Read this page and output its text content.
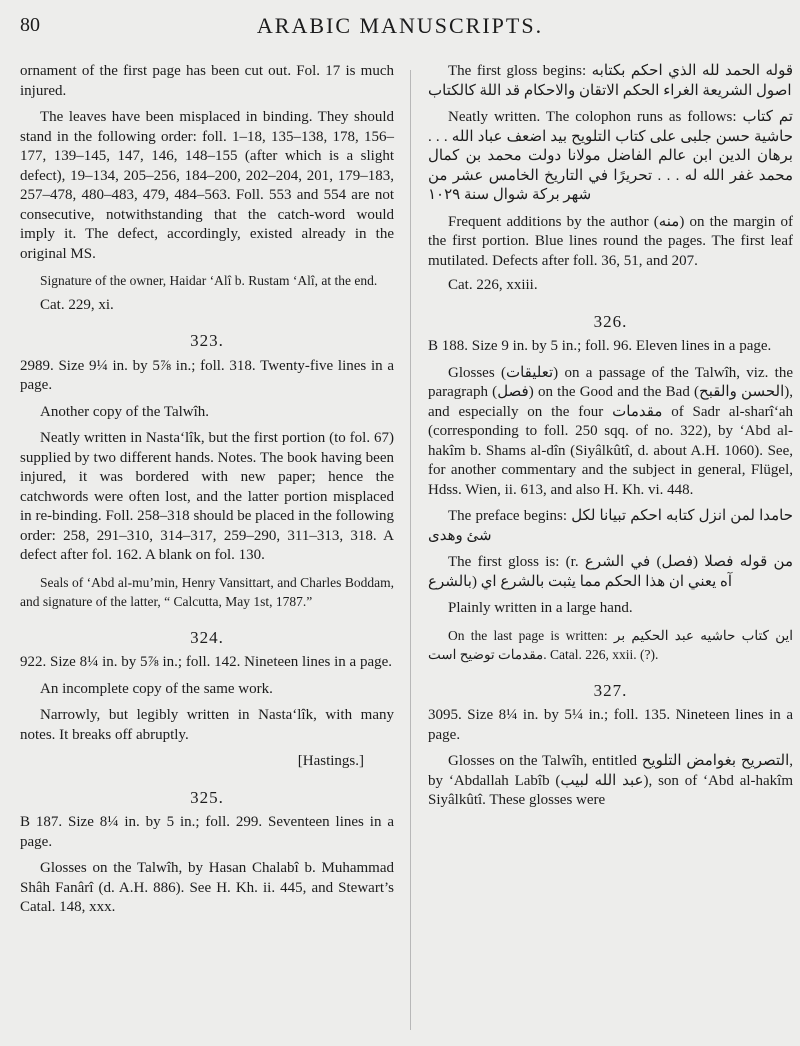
80	ARABIC MANUSCRIPTS.

ornament of the first page has been cut out. Fol. 17 is much injured.

The leaves have been misplaced in binding. They should stand in the following order: foll. 1–18, 135–138, 178, 156–177, 139–145, 147, 146, 148–155 (after which is a slight defect), 19–134, 205–256, 184–200, 202–204, 201, 179–183, 257–478, 480–483, 479, 484–563. Foll. 553 and 554 are not consecutive, notwithstanding that the catch-word would imply it. The defect, accordingly, existed already in the original MS.

Signature of the owner, Haidar ‘Alî b. Rustam ‘Alî, at the end.

Cat. 229, xi.

323.

2989. Size 9¼ in. by 5⅞ in.; foll. 318. Twenty-five lines in a page.

Another copy of the Talwîh.

Neatly written in Nasta‘lîk, but the first portion (to fol. 67) supplied by two different hands. Notes. The book having been injured, it was bordered with new paper; hence the catchwords were often lost, and the latter portion misplaced in re-binding. Foll. 258–318 should be placed in the following order: 258, 291–310, 314–317, 259–290, 311–313, 318. A defect after fol. 162. A blank on fol. 130.

Seals of ‘Abd al-mu’min, Henry Vansittart, and Charles Boddam, and signature of the latter, “ Calcutta, May 1st, 1787.”

324.

922. Size 8¼ in. by 5⅞ in.; foll. 142. Nineteen lines in a page.

An incomplete copy of the same work.

Narrowly, but legibly written in Nasta‘lîk, with many notes. It breaks off abruptly.

[Hastings.]

325.

B 187. Size 8¼ in. by 5 in.; foll. 299. Seventeen lines in a page.

Glosses on the Talwîh, by Hasan Chalabî b. Muhammad Shâh Fanârî (d. A.H. 886). See H. Kh. ii. 445, and Stewart’s Catal. 148, xxx.

The first gloss begins: قوله الحمد لله الذي احكم بكتابه اصول الشريعة الغراء الحكم الاتقان والاحكام قد اللة كالكتاب

Neatly written. The colophon runs as follows: تم كتاب حاشية حسن جلبى على كتاب التلويح بيد اضعف عباد الله . . . برهان الدين ابن عالم الفاضل مولانا دولت محمد بن كمال محمد غفر الله له . . . تحريرًا في التاريخ الخامس عشر من شهر بركة شوال سنة ١٠٢٩

Frequent additions by the author (منه) on the margin of the first portion. Blue lines round the pages. The first leaf mutilated. Defects after foll. 36, 51, and 207.

Cat. 226, xxiii.

326.

B 188. Size 9 in. by 5 in.; foll. 96. Eleven lines in a page.

Glosses (تعليقات) on a passage of the Talwîh, viz. the paragraph (فصل) on the Good and the Bad (الحسن والقبح), and especially on the four مقدمات of Sadr al-sharî‘ah (corresponding to foll. 250 sqq. of no. 322), by ‘Abd al-hakîm b. Shams al-dîn (Siyâlkûtî, d. about A.H. 1060). See, for another commentary and the subject in general, Flügel, Hdss. Wien, ii. 613, and also H. Kh. vi. 448.

The preface begins: حامدا لمن انزل كتابه احكم تبيانا لكل شئ وهدى

The first gloss is: (r. من قوله فصلا (فصل) في الشرع بالشرع) آه يعني ان هذا الحكم مما يثبت بالشرع اي

Plainly written in a large hand.

On the last page is written: اين كتاب حاشيه عبد الحكيم بر مقدمات توضيح است. Catal. 226, xxii. (?).

327.

3095. Size 8¼ in. by 5¼ in.; foll. 135. Nineteen lines in a page.

Glosses on the Talwîh, entitled التصريح بغوامض التلويح, by ‘Abdallah Labîb (عبد الله لبيب), son of ‘Abd al-hakîm Siyâlkûtî. These glosses were
